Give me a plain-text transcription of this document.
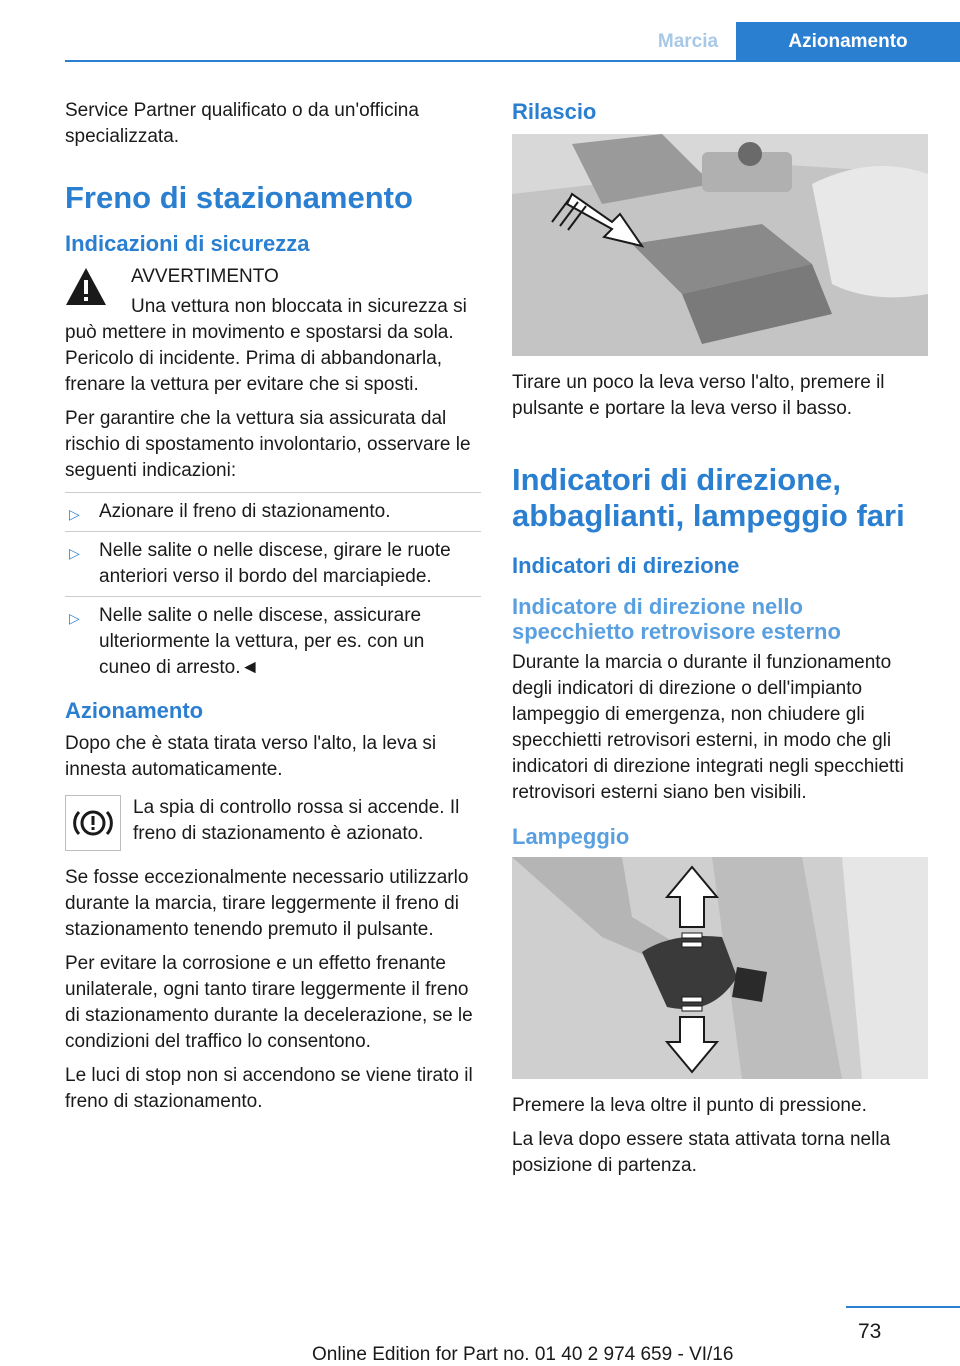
Marcia	Azionamento

Service Partner qualificato o da un'officina specializzata.

Freno di stazionamento
Indicazioni di sicurezza

AVVERTIMENTO

Una vettura non bloccata in sicurezza si può mettere in movimento e spostarsi da sola. Pericolo di incidente. Prima di abbandonarla, frenare la vettura per evitare che si sposti.

Per garantire che la vettura sia assicurata dal rischio di spostamento involontario, osservare le seguenti indicazioni:

▷ Azionare il freno di stazionamento.
▷ Nelle salite o nelle discese, girare le ruote anteriori verso il bordo del marciapiede.
▷ Nelle salite o nelle discese, assicurare ulteriormente la vettura, per es. con un cuneo di arresto.◄
Azionamento

Dopo che è stata tirata verso l'alto, la leva si innesta automaticamente.

La spia di controllo rossa si accende. Il freno di stazionamento è azionato.

Se fosse eccezionalmente necessario utilizzarlo durante la marcia, tirare leggermente il freno di stazionamento tenendo premuto il pulsante.

Per evitare la corrosione e un effetto frenante unilaterale, ogni tanto tirare leggermente il freno di stazionamento durante la decelerazione, se le condizioni del traffico lo consentono.

Le luci di stop non si accendono se viene tirato il freno di stazionamento.

Rilascio

Tirare un poco la leva verso l'alto, premere il pulsante e portare la leva verso il basso.

Indicatori di direzione, abbaglianti, lampeggio fari
Indicatori di direzione
Indicatore di direzione nello specchietto retrovisore esterno

Durante la marcia o durante il funzionamento degli indicatori di direzione o dell'impianto lampeggio di emergenza, non chiudere gli specchietti retrovisori esterni, in modo che gli indicatori di direzione integrati negli specchietti retrovisori esterni siano ben visibili.

Lampeggio

Premere la leva oltre il punto di pressione.

La leva dopo essere stata attivata torna nella posizione di partenza.

73
Online Edition for Part no. 01 40 2 974 659 - VI/16
